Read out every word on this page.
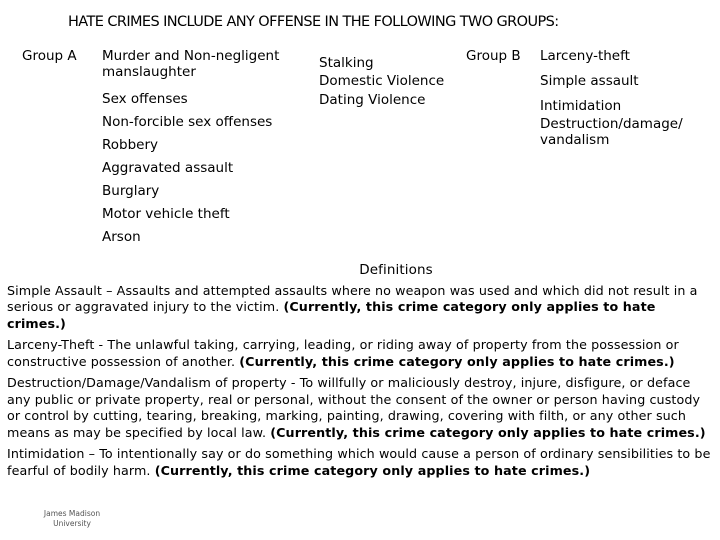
HATE CRIMES INCLUDE ANY OFFENSE IN THE FOLLOWING TWO GROUPS:
Group A Murder and Non-negligent manslaughter
Sex offenses
Non-forcible sex offenses
Robbery
Aggravated assault
Burglary
Motor vehicle theft
Arson
Stalking
Domestic Violence
Dating Violence
Group B Larceny-theft
Simple assault
Intimidation
Destruction/damage/ vandalism
Definitions

Simple Assault – Assaults and attempted assaults where no weapon was used and which did not result in a serious or aggravated injury to the victim. (Currently, this crime category only applies to hate crimes.)

Larceny-Theft - The unlawful taking, carrying, leading, or riding away of property from the possession or constructive possession of another. (Currently, this crime category only applies to hate crimes.)

Destruction/Damage/Vandalism of property - To willfully or maliciously destroy, injure, disfigure, or deface any public or private property, real or personal, without the consent of the owner or person having custody or control by cutting, tearing, breaking, marking, painting, drawing, covering with filth, or any other such means as may be specified by local law. (Currently, this crime category only applies to hate crimes.)

Intimidation – To intentionally say or do something which would cause a person of ordinary sensibilities to be fearful of bodily harm. (Currently, this crime category only applies to hate crimes.)

James Madison
University
